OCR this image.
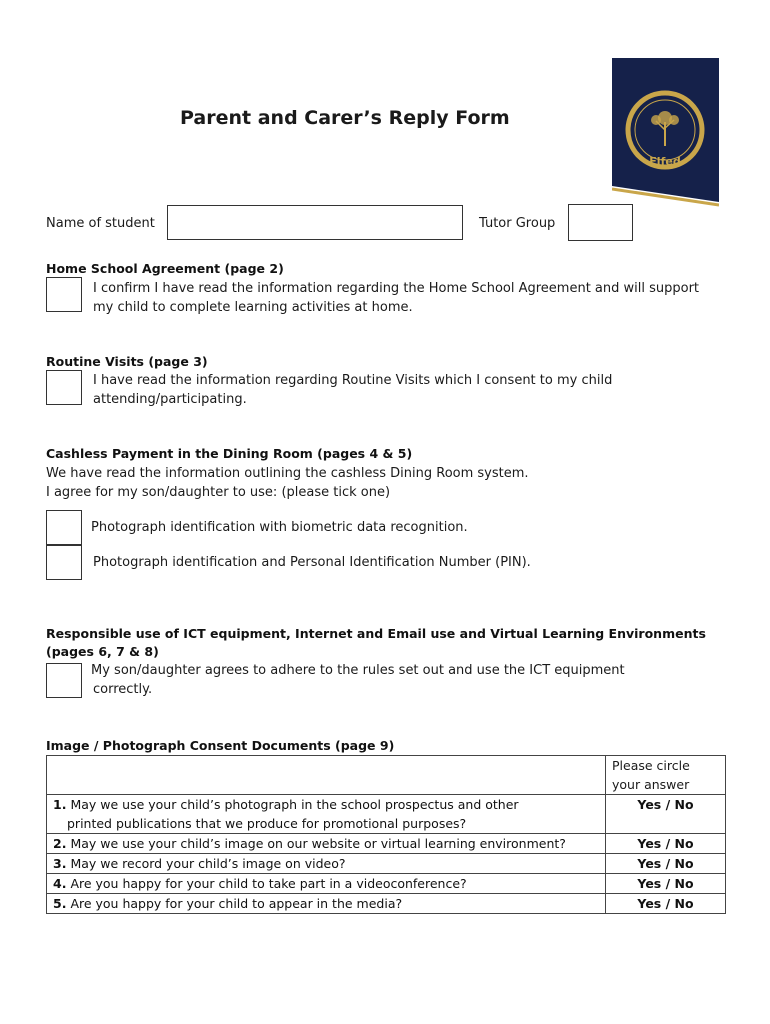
Parent and Carer’s Reply Form
Elfed
Name of student	Tutor Group
Home School Agreement (page 2)
I confirm I have read the information regarding the Home School Agreement and will support
my child to complete learning activities at home.
Routine Visits (page 3)
I have read the information regarding Routine Visits which I consent to my child
attending/participating.
Cashless Payment in the Dining Room (pages 4 & 5)
We have read the information outlining the cashless Dining Room system.
I agree for my son/daughter to use: (please tick one)
Photograph identification with biometric data recognition.
Photograph identification and Personal Identification Number (PIN).
Responsible use of ICT equipment, Internet and Email use and Virtual Learning Environments
(pages 6, 7 & 8)
My son/daughter agrees to adhere to the rules set out and use the ICT equipment
correctly.
Image / Photograph Consent Documents (page 9)
	Please circle
your answer
1. May we use your child’s photograph in the school prospectus and other
printed publications that we produce for promotional purposes?	Yes / No
2. May we use your child’s image on our website or virtual learning environment?	Yes / No
3. May we record your child’s image on video?	Yes / No
4. Are you happy for your child to take part in a videoconference?	Yes / No
5. Are you happy for your child to appear in the media?	Yes / No
